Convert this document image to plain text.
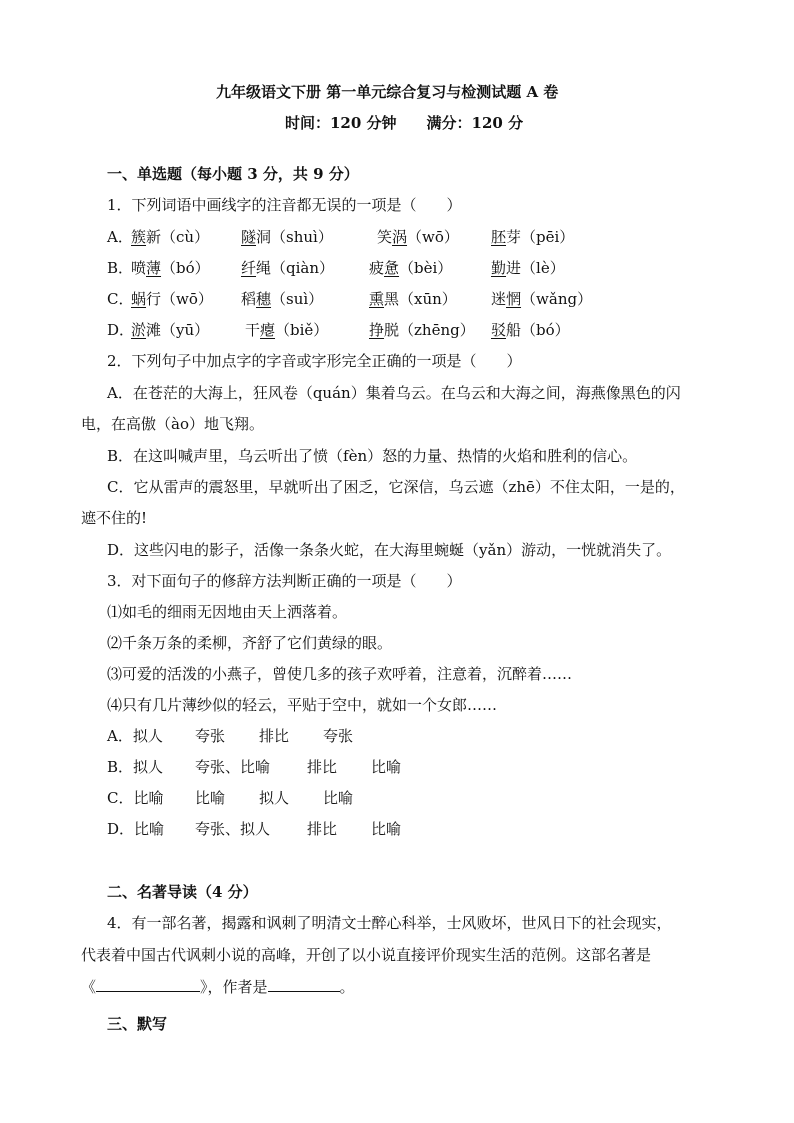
九年级语文下册 第一单元综合复习与检测试题 A 卷
时间：120 分钟 满分：120 分
一、单选题（每小题 3 分，共 9 分）
1．下列词语中画线字的注音都无误的一项是（　　）
A．
簇新（cù） 隧洞（shuì）	笑涡（wō） 胚芽（pēi）
B．
喷薄（bó） 纤绳（qiàn） 疲惫（bèi）	勤进（lè）
C．
蜗行（wō） 稻穗（suì）	熏黑（xūn） 迷惘（wǎng）
D．
淤滩（yū） 干瘪（biě）	挣脱（zhēng） 驳船（bó）
2．下列句子中加点字的字音或字形完全正确的一项是（　　）
A．在苍茫的大海上，狂风卷（quán）集着乌云。在乌云和大海之间，海燕像黑色的闪
电，在高傲（ào）地飞翔。
B．在这叫喊声里，乌云听出了愤（fèn）怒的力量、热情的火焰和胜利的信心。
C．它从雷声的震怒里，早就听出了困乏，它深信，乌云遮（zhē）不住太阳，一是的，
遮不住的!
D．这些闪电的影子，活像一条条火蛇，在大海里蜿蜒（yǎn）游动，一恍就消失了。
3．对下面句子的修辞方法判断正确的一项是（　　）
⑴如毛的细雨无因地由天上洒落着。
⑵千条万条的柔柳，齐舒了它们黄绿的眼。
⑶可爱的活泼的小燕子，曾使几多的孩子欢呼着，注意着，沉醉着……
⑷只有几片薄纱似的轻云，平贴于空中，就如一个女郎……
A．拟人 夸张 排比 夸张
B．拟人 夸张、比喻 排比 比喻
C．比喻 比喻 拟人 比喻
D．比喻 夸张、拟人 排比 比喻
二、名著导读（4 分）
4．有一部名著，揭露和讽刺了明清文士醉心科举，士风败坏，世风日下的社会现实，
代表着中国古代讽刺小说的高峰，开创了以小说直接评价现实生活的范例。这部名著是
《	》，作者是	。
三、默写
